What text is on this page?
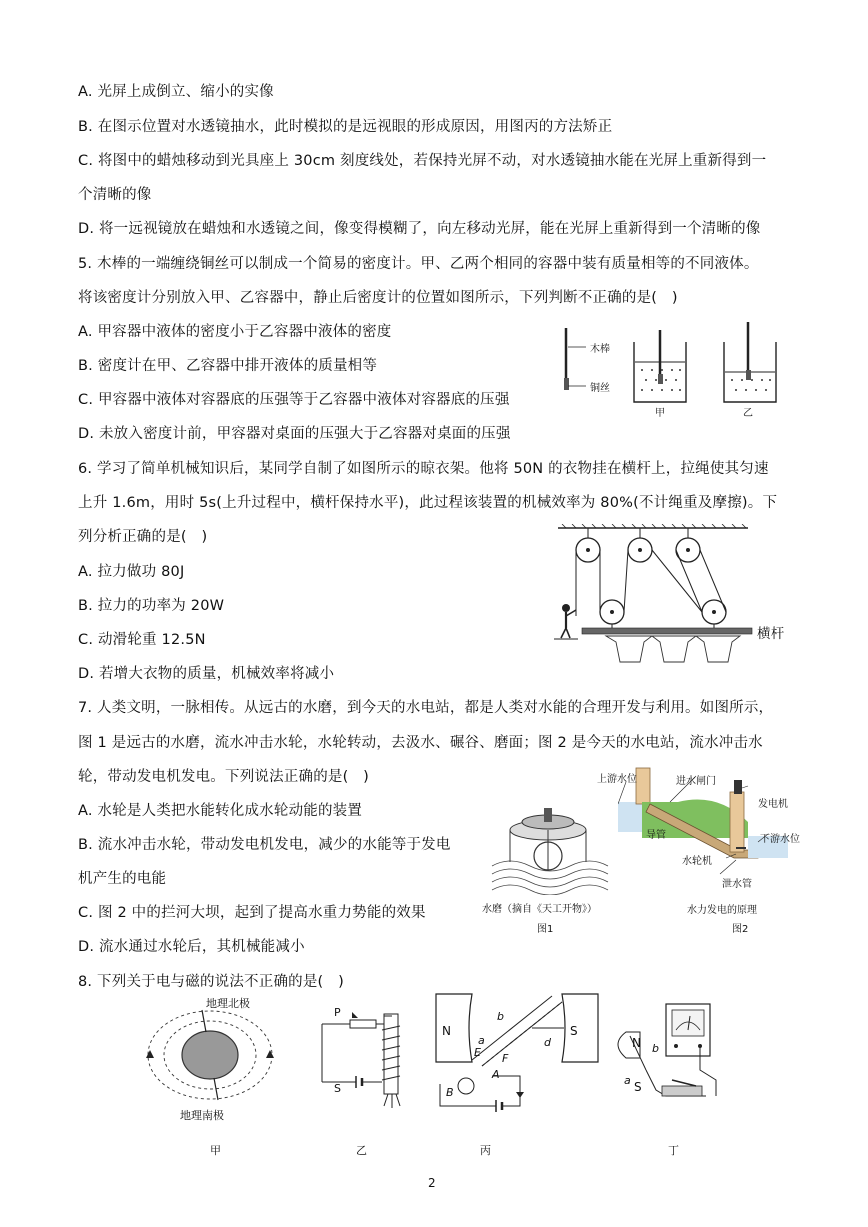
A. 光屏上成倒立、缩小的实像
B. 在图示位置对水透镜抽水，此时模拟的是远视眼的形成原因，用图丙的方法矫正
C. 将图中的蜡烛移动到光具座上 30cm 刻度线处，若保持光屏不动，对水透镜抽水能在光屏上重新得到一
个清晰的像
D. 将一远视镜放在蜡烛和水透镜之间，像变得模糊了，向左移动光屏，能在光屏上重新得到一个清晰的像
5. 木棒的一端缠绕铜丝可以制成一个简易的密度计。甲、乙两个相同的容器中装有质量相等的不同液体。
将该密度计分别放入甲、乙容器中，静止后密度计的位置如图所示，下列判断不正确的是(　)
A. 甲容器中液体的密度小于乙容器中液体的密度
B. 密度计在甲、乙容器中排开液体的质量相等
C. 甲容器中液体对容器底的压强等于乙容器中液体对容器底的压强
D. 未放入密度计前，甲容器对桌面的压强大于乙容器对桌面的压强
木棒
铜丝
甲	乙
6. 学习了简单机械知识后，某同学自制了如图所示的晾衣架。他将 50N 的衣物挂在横杆上，拉绳使其匀速
上升 1.6m，用时 5s(上升过程中，横杆保持水平)，此过程该装置的机械效率为 80%(不计绳重及摩擦)。下
列分析正确的是(　)
A. 拉力做功 80J
B. 拉力的功率为 20W
C. 动滑轮重 12.5N
D. 若增大衣物的质量，机械效率将减小
横杆
7. 人类文明，一脉相传。从远古的水磨，到今天的水电站，都是人类对水能的合理开发与利用。如图所示，
图 1 是远古的水磨，流水冲击水轮，水轮转动，去汲水、碾谷、磨面；图 2 是今天的水电站，流水冲击水
轮，带动发电机发电。下列说法正确的是(　)
A. 水轮是人类把水能转化成水轮动能的装置
B. 流水冲击水轮，带动发电机发电，减少的水能等于发电
机产生的电能
C. 图 2 中的拦河大坝，起到了提高水重力势能的效果
D. 流水通过水轮后，其机械能减小
水磨（摘自《天工开物》）
图1
上游水位	进水闸门
发电机
导管	下游水位
水轮机
泄水管
水力发电的原理
图2
8. 下列关于电与磁的说法不正确的是(　)
地理北极
地理南极
甲
P
S
乙
N	S
a
b
d
E F
A
B
丙
N
S
a
b
丁
2
